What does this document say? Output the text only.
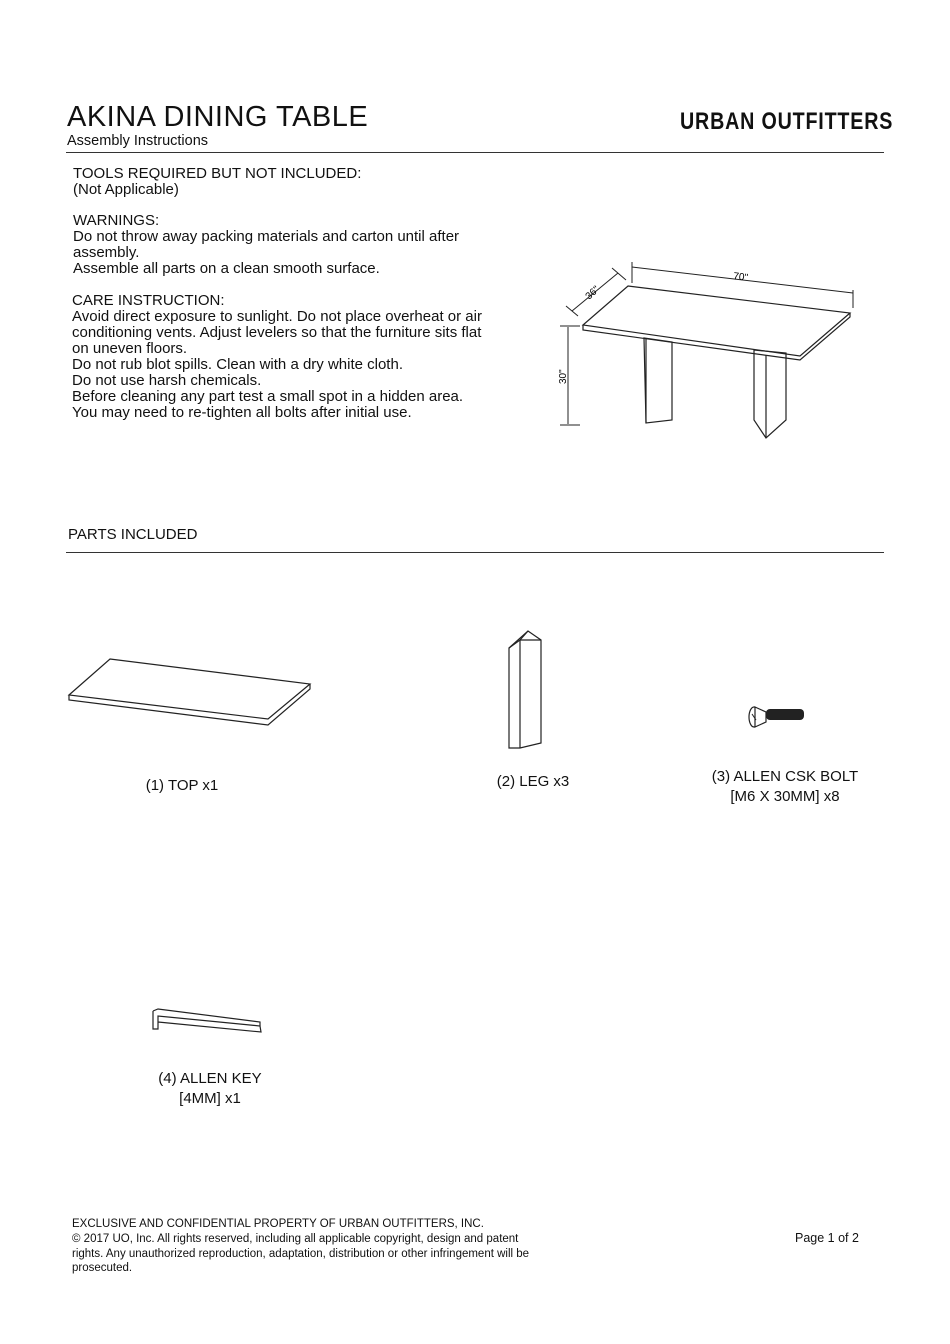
AKINA DINING TABLE
Assembly Instructions
URBAN OUTFITTERS

TOOLS REQUIRED BUT NOT INCLUDED:

(Not Applicable)

WARNINGS:

Do not throw away packing materials and carton until after

assembly.

Assemble all parts on a clean smooth surface.

CARE INSTRUCTION:

Avoid direct exposure to sunlight. Do not place overheat or air

conditioning vents. Adjust levelers so that the furniture sits flat

on uneven floors.

Do not rub blot spills. Clean with a dry white cloth.

Do not use harsh chemicals.

Before cleaning any part test a small spot in a hidden area.

You may need to re-tighten all bolts after initial use.

70"
36"
30"
PARTS INCLUDED
(1) TOP x1	(2) LEG x3	(3) ALLEN CSK BOLT
[M6 X 30MM] x8
(4) ALLEN KEY
[4MM] x1

EXCLUSIVE AND CONFIDENTIAL PROPERTY OF URBAN OUTFITTERS, INC.

© 2017 UO, Inc. All rights reserved, including all applicable copyright, design and patent

rights. Any unauthorized reproduction, adaptation, distribution or other infringement will be

prosecuted.

Page 1 of 2
